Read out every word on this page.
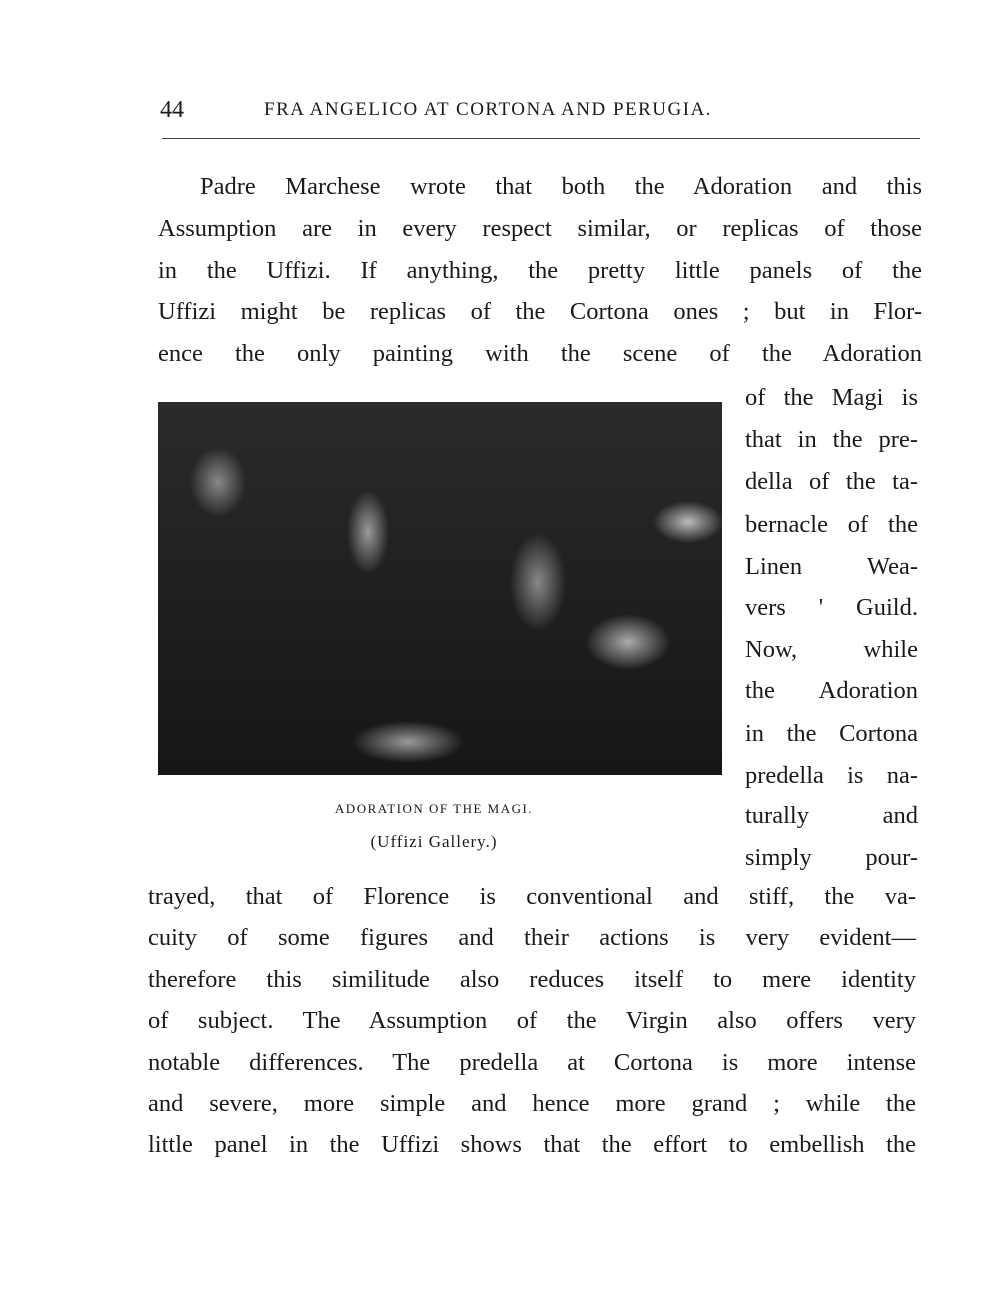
44	FRA ANGELICO AT CORTONA AND PERUGIA.
ADORATION OF THE MAGI.
(Uffizi Gallery.)
Padre Marchese wrote that both the Adoration and this
Assumption are in every respect similar, or replicas of those
in the Uffizi. If anything, the pretty little panels of the
Uffizi might be replicas of the Cortona ones ; but in Flor-
ence the only painting with the scene of the Adoration
of the Magi is
that in the pre-
della of the ta-
bernacle of the
Linen Wea-
vers ' Guild.
Now, while
the Adoration
in the Cortona
predella is na-
turally and
simply pour-
trayed, that of Florence is conventional and stiff, the va-
cuity of some figures and their actions is very evident—
therefore this similitude also reduces itself to mere identity
of subject. The Assumption of the Virgin also offers very
notable differences. The predella at Cortona is more intense
and severe, more simple and hence more grand ; while the
little panel in the Uffizi shows that the effort to embellish the
